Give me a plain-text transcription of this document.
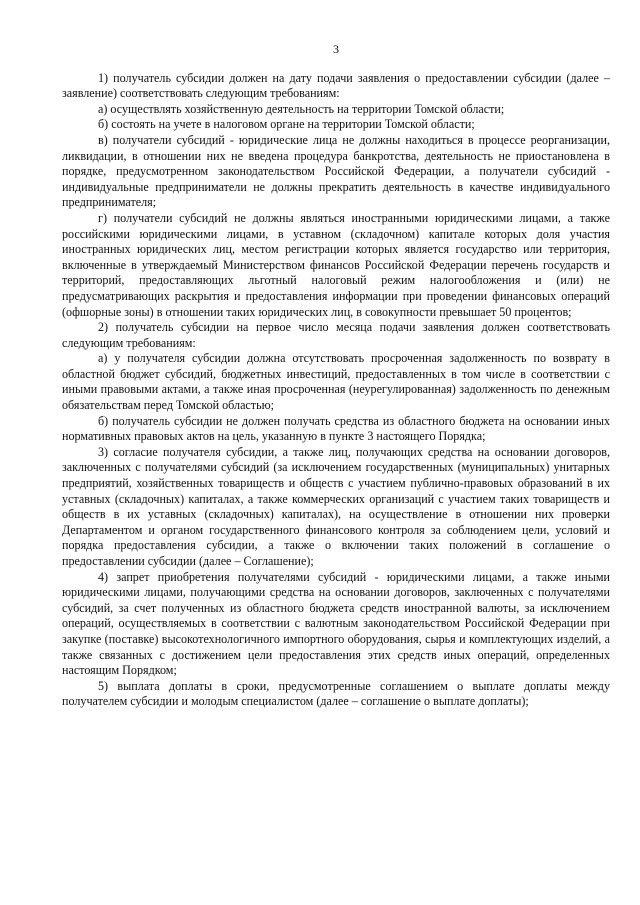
3

1) получатель субсидии должен на дату подачи заявления о предоставлении субсидии (далее – заявление) соответствовать следующим требованиям:

а) осуществлять хозяйственную деятельность на территории Томской области;

б) состоять на учете в налоговом органе на территории Томской области;

в) получатели субсидий - юридические лица не должны находиться в процессе реорганизации, ликвидации, в отношении них не введена процедура банкротства, деятельность не приостановлена в порядке, предусмотренном законодательством Российской Федерации, а получатели субсидий - индивидуальные предприниматели не должны прекратить деятельность в качестве индивидуального предпринимателя;

г) получатели субсидий не должны являться иностранными юридическими лицами, а также российскими юридическими лицами, в уставном (складочном) капитале которых доля участия иностранных юридических лиц, местом регистрации которых является государство или территория, включенные в утверждаемый Министерством финансов Российской Федерации перечень государств и территорий, предоставляющих льготный налоговый режим налогообложения и (или) не предусматривающих раскрытия и предоставления информации при проведении финансовых операций (офшорные зоны) в отношении таких юридических лиц, в совокупности превышает 50 процентов;

2) получатель субсидии на первое число месяца подачи заявления должен соответствовать следующим требованиям:

а) у получателя субсидии должна отсутствовать просроченная задолженность по возврату в областной бюджет субсидий, бюджетных инвестиций, предоставленных в том числе в соответствии с иными правовыми актами, а также иная просроченная (неурегулированная) задолженность по денежным обязательствам перед Томской областью;

б) получатель субсидии не должен получать средства из областного бюджета на основании иных нормативных правовых актов на цель, указанную в пункте 3 настоящего Порядка;

3) согласие получателя субсидии, а также лиц, получающих средства на основании договоров, заключенных с получателями субсидий (за исключением государственных (муниципальных) унитарных предприятий, хозяйственных товариществ и обществ с участием публично-правовых образований в их уставных (складочных) капиталах, а также коммерческих организаций с участием таких товариществ и обществ в их уставных (складочных) капиталах), на осуществление в отношении них проверки Департаментом и органом государственного финансового контроля за соблюдением цели, условий и порядка предоставления субсидии, а также о включении таких положений в соглашение о предоставлении субсидии (далее – Соглашение);

4) запрет приобретения получателями субсидий - юридическими лицами, а также иными юридическими лицами, получающими средства на основании договоров, заключенных с получателями субсидий, за счет полученных из областного бюджета средств иностранной валюты, за исключением операций, осуществляемых в соответствии с валютным законодательством Российской Федерации при закупке (поставке) высокотехнологичного импортного оборудования, сырья и комплектующих изделий, а также связанных с достижением цели предоставления этих средств иных операций, определенных настоящим Порядком;

5) выплата доплаты в сроки, предусмотренные соглашением о выплате доплаты между получателем субсидии и молодым специалистом (далее – соглашение о выплате доплаты);
